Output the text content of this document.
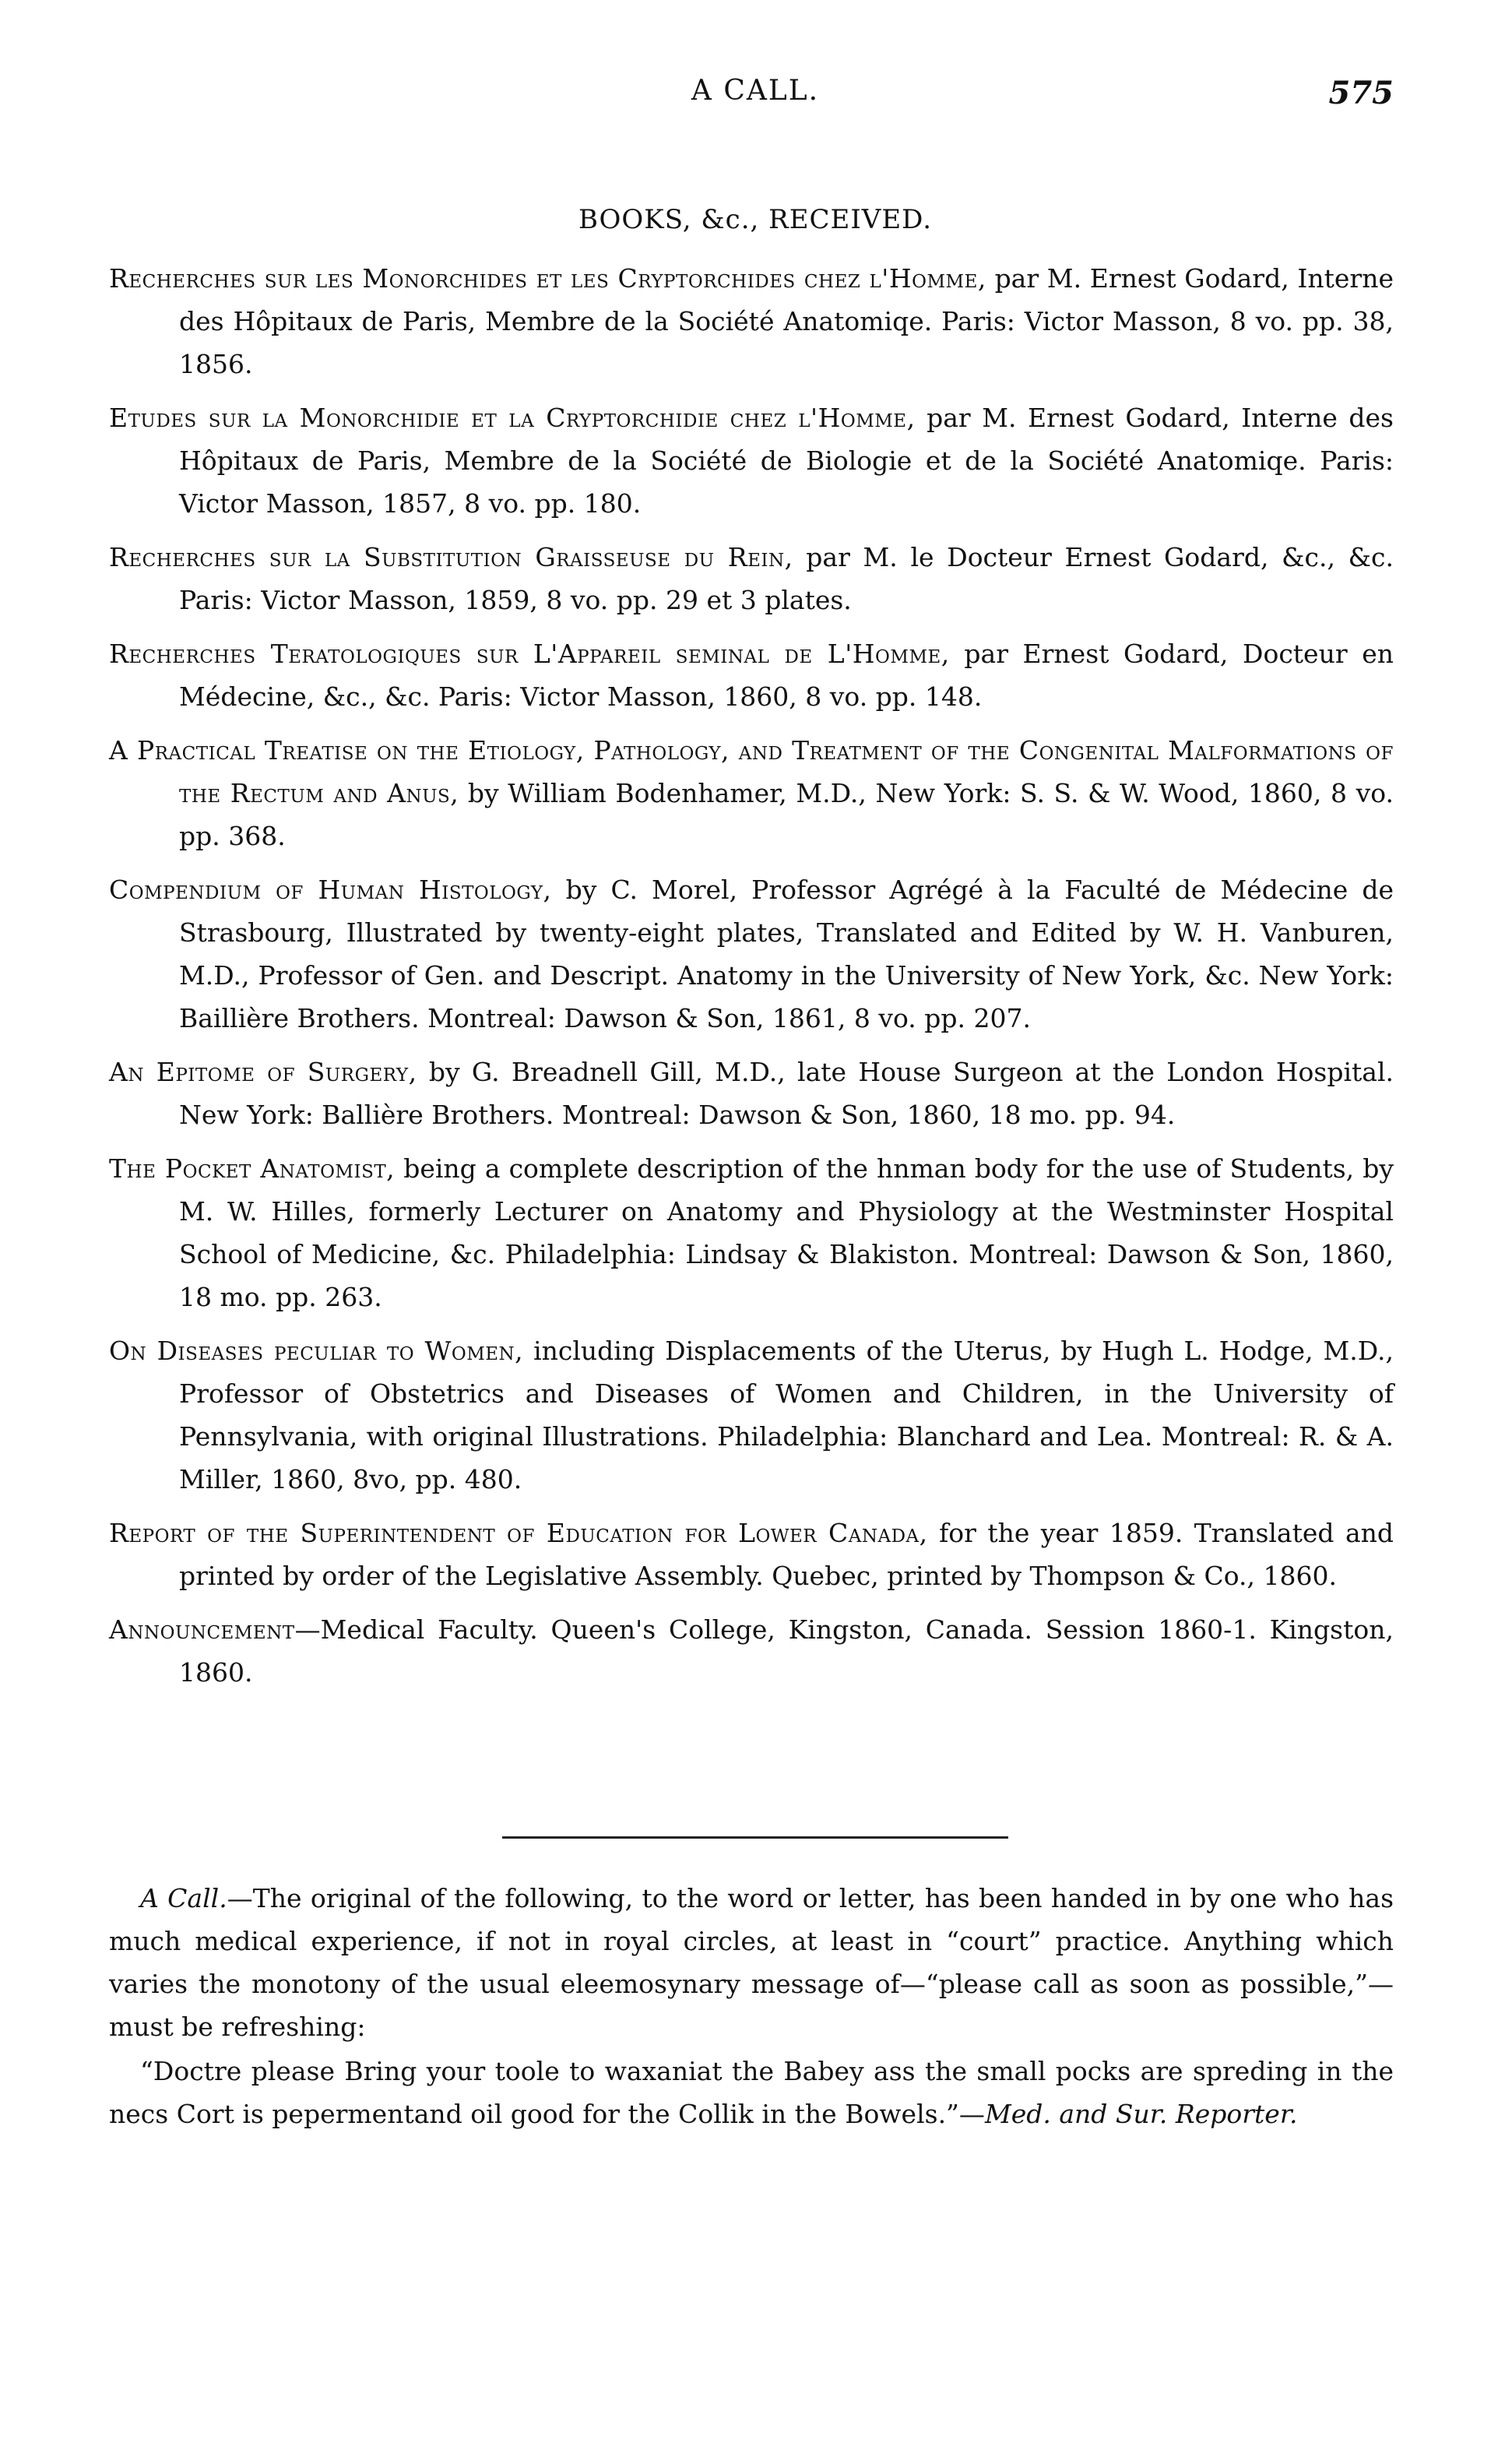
A CALL.	575
BOOKS, &c., RECEIVED.
Recherches sur les Monorchides et les Cryptorchides chez l'Homme, par M. Ernest Godard, Interne des Hôpitaux de Paris, Membre de la Société Anatomiqe. Paris: Victor Masson, 8 vo. pp. 38, 1856.
Etudes sur la Monorchidie et la Cryptorchidie chez l'Homme, par M. Ernest Godard, Interne des Hôpitaux de Paris, Membre de la Société de Biologie et de la Société Anatomiqe. Paris: Victor Masson, 1857, 8 vo. pp. 180.
Recherches sur la Substitution Graisseuse du Rein, par M. le Docteur Ernest Godard, &c., &c. Paris: Victor Masson, 1859, 8 vo. pp. 29 et 3 plates.
Recherches Teratologiques sur L'Appareil seminal de L'Homme, par Ernest Godard, Docteur en Médecine, &c., &c. Paris: Victor Masson, 1860, 8 vo. pp. 148.
A Practical Treatise on the Etiology, Pathology, and Treatment of the Congenital Malformations of the Rectum and Anus, by William Bodenhamer, M.D., New York: S. S. & W. Wood, 1860, 8 vo. pp. 368.
Compendium of Human Histology, by C. Morel, Professor Agrégé à la Faculté de Médecine de Strasbourg, Illustrated by twenty-eight plates, Translated and Edited by W. H. Vanburen, M.D., Professor of Gen. and Descript. Anatomy in the University of New York, &c. New York: Baillière Brothers. Montreal: Dawson & Son, 1861, 8 vo. pp. 207.
An Epitome of Surgery, by G. Breadnell Gill, M.D., late House Surgeon at the London Hospital. New York: Ballière Brothers. Montreal: Dawson & Son, 1860, 18 mo. pp. 94.
The Pocket Anatomist, being a complete description of the hnman body for the use of Students, by M. W. Hilles, formerly Lecturer on Anatomy and Physiology at the Westminster Hospital School of Medicine, &c. Philadelphia: Lindsay & Blakiston. Montreal: Dawson & Son, 1860, 18 mo. pp. 263.
On Diseases peculiar to Women, including Displacements of the Uterus, by Hugh L. Hodge, M.D., Professor of Obstetrics and Diseases of Women and Children, in the University of Pennsylvania, with original Illustrations. Philadelphia: Blanchard and Lea. Montreal: R. & A. Miller, 1860, 8vo, pp. 480.
Report of the Superintendent of Education for Lower Canada, for the year 1859. Translated and printed by order of the Legislative Assembly. Quebec, printed by Thompson & Co., 1860.
Announcement—Medical Faculty. Queen's College, Kingston, Canada. Session 1860-1. Kingston, 1860.

A Call.—The original of the following, to the word or letter, has been handed in by one who has much medical experience, if not in royal circles, at least in “court” practice. Anything which varies the monotony of the usual eleemosynary message of—“please call as soon as possible,”—must be refreshing:

“Doctre please Bring your toole to waxaniat the Babey ass the small pocks are spreding in the necs Cort is pepermentand oil good for the Collik in the Bowels.”—Med. and Sur. Reporter.
